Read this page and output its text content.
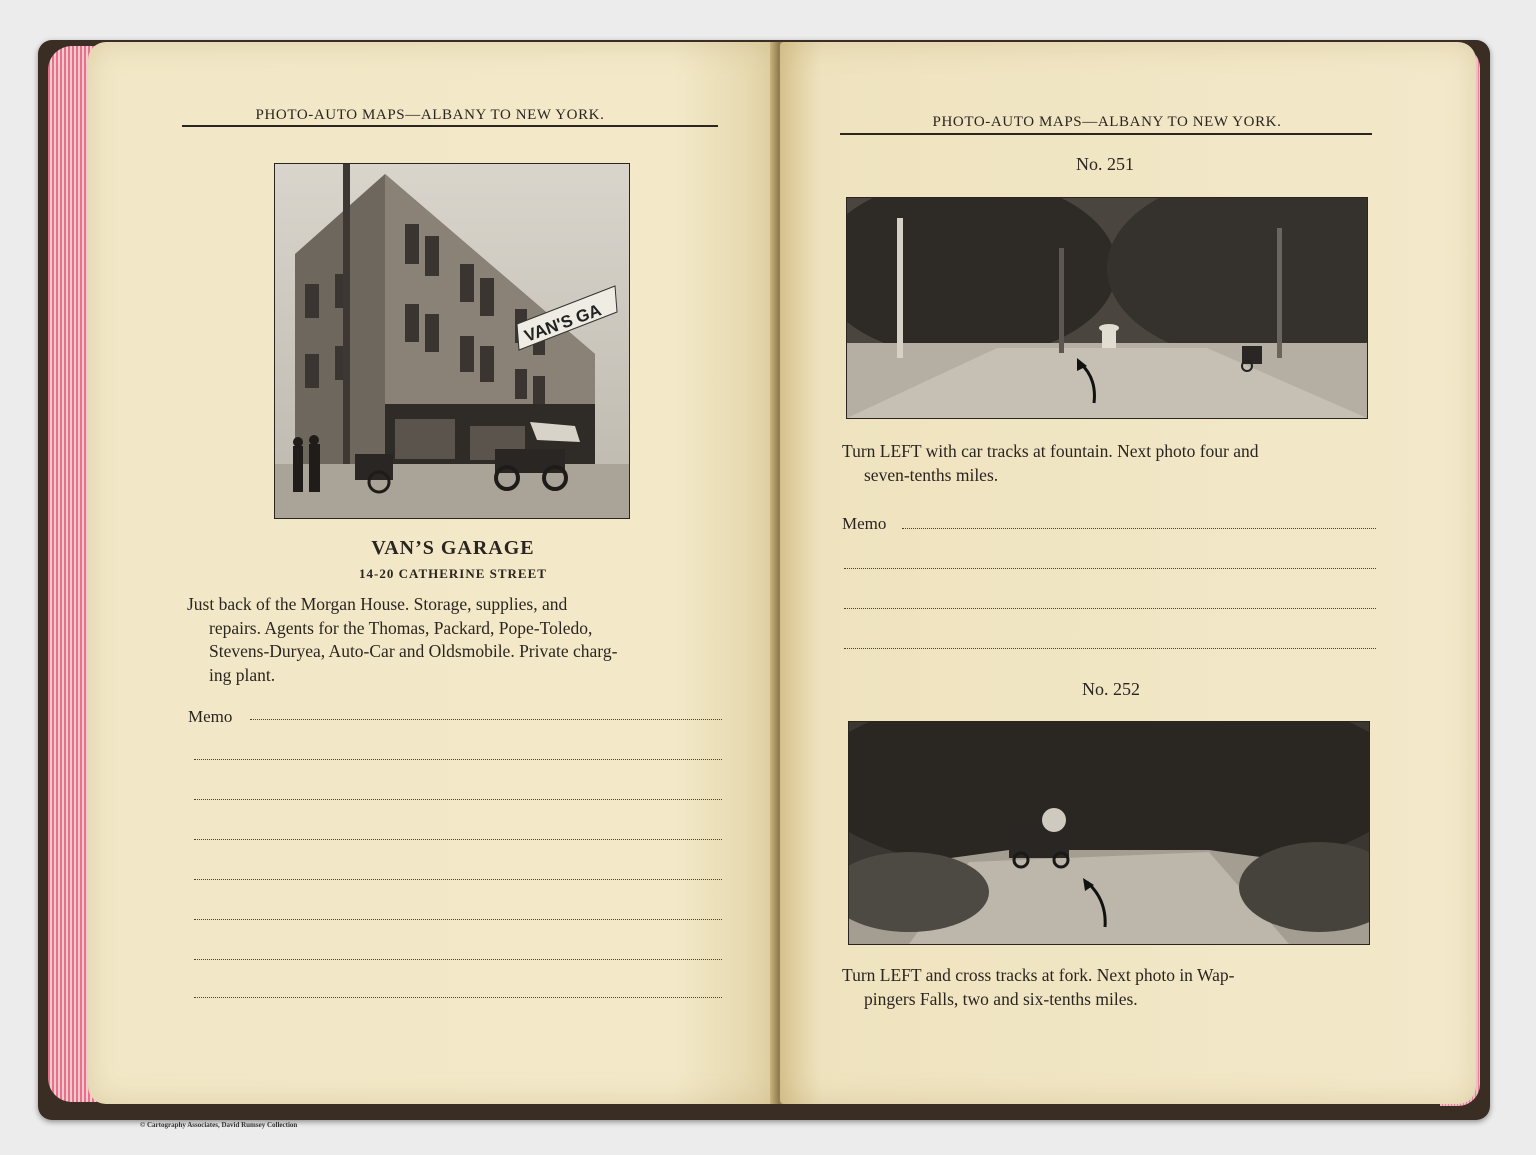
PHOTO-AUTO MAPS—ALBANY TO NEW YORK.
VAN'S GA
VAN’S GARAGE
14-20 CATHERINE STREET
Just back of the Morgan House. Storage, supplies, and
repairs. Agents for the Thomas, Packard, Pope-Toledo,
Stevens-Duryea, Auto-Car and Oldsmobile. Private charg-
ing plant.
Memo
PHOTO-AUTO MAPS—ALBANY TO NEW YORK.
No. 251
Turn LEFT with car tracks at fountain. Next photo four and
seven-tenths miles.
Memo
No. 252
Turn LEFT and cross tracks at fork. Next photo in Wap-
pingers Falls, two and six-tenths miles.
© Cartography Associates, David Rumsey Collection
